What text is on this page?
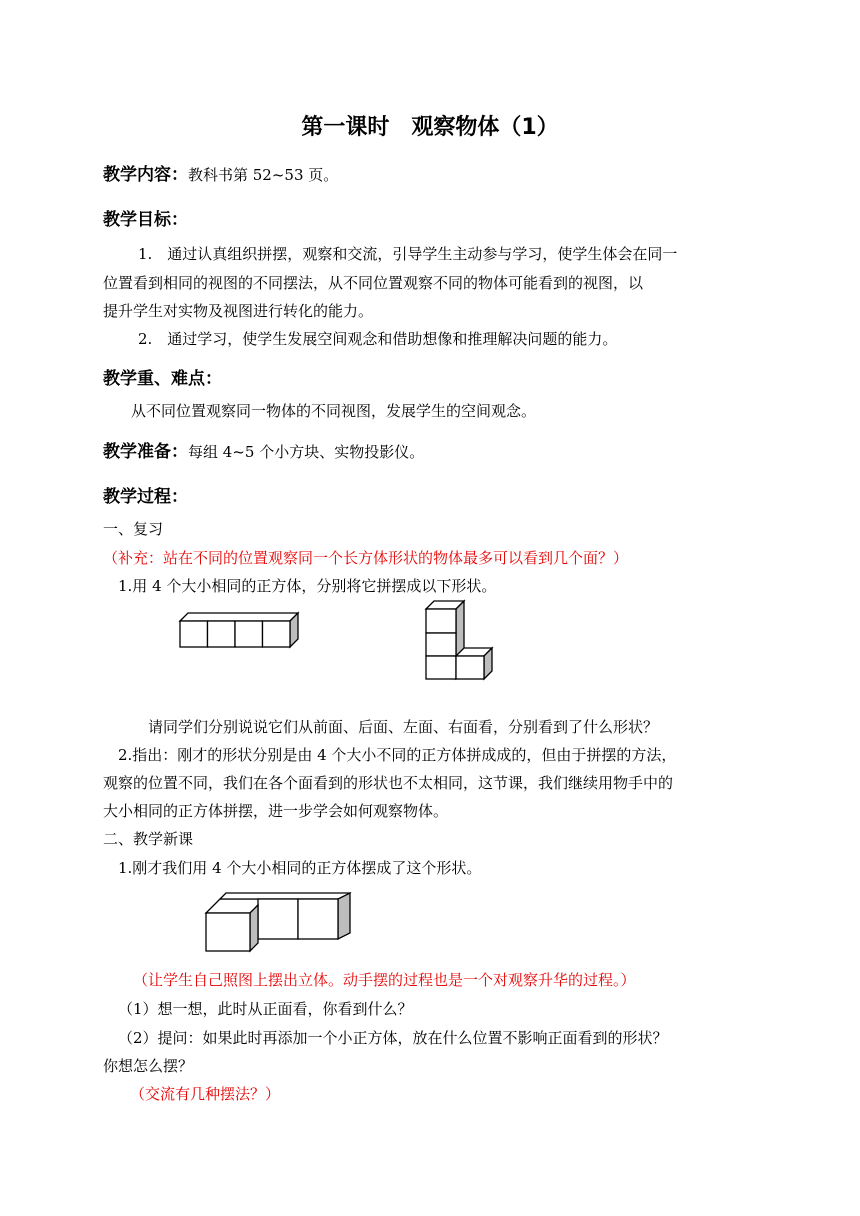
第一课时　观察物体（1）
教学内容：教科书第 52~53 页。
教学目标：
1.　通过认真组织拼摆，观察和交流，引导学生主动参与学习，使学生体会在同一
位置看到相同的视图的不同摆法，从不同位置观察不同的物体可能看到的视图，以
提升学生对实物及视图进行转化的能力。
2.　通过学习，使学生发展空间观念和借助想像和推理解决问题的能力。
教学重、难点：
从不同位置观察同一物体的不同视图，发展学生的空间观念。
教学准备：每组 4~5 个小方块、实物投影仪。
教学过程：
一、复习
（补充：站在不同的位置观察同一个长方体形状的物体最多可以看到几个面？）
1.用 4 个大小相同的正方体，分别将它拼摆成以下形状。
请同学们分别说说它们从前面、后面、左面、右面看，分别看到了什么形状？
2.指出：刚才的形状分别是由 4 个大小不同的正方体拼成成的，但由于拼摆的方法，
观察的位置不同，我们在各个面看到的形状也不太相同，这节课，我们继续用物手中的
大小相同的正方体拼摆，进一步学会如何观察物体。
二、教学新课
1.刚才我们用 4 个大小相同的正方体摆成了这个形状。
（让学生自己照图上摆出立体。动手摆的过程也是一个对观察升华的过程。）
（1）想一想，此时从正面看，你看到什么？
（2）提问：如果此时再添加一个小正方体，放在什么位置不影响正面看到的形状？
你想怎么摆？
（交流有几种摆法？）
